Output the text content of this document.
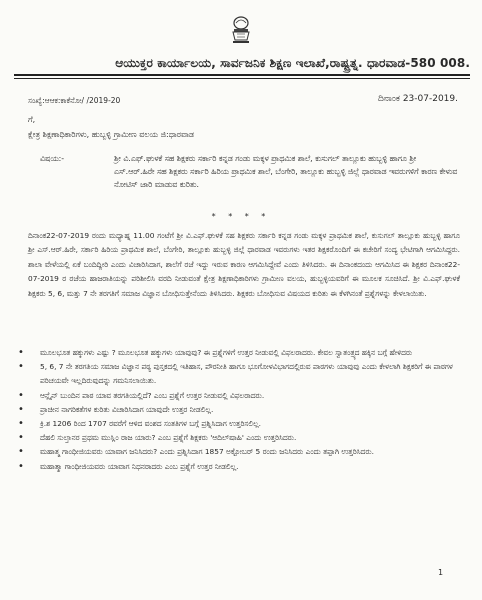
ಆಯುಕ್ತರ ಕಾರ್ಯಾಲಯ, ಸಾರ್ವಜನಿಕ ಶಿಕ್ಷಣ ಇಲಾಖೆ,ರಾಷ್ಟ್ರತ್ನ. ಧಾರವಾಡ-580 008.
ಸಂಖ್ಯೆ:ಆಆಕ:ಕಾಕೆನೋ/ /2019-20	ದಿನಾಂಕ 23-07-2019.
ಗೆ,
ಕ್ಷೇತ್ರ ಶಿಕ್ಷಣಾಧಿಕಾರಿಗಳು, ಹುಬ್ಬಳ್ಳಿ ಗ್ರಾಮೀಣ ವಲಯ ಜಿ:ಧಾರವಾಡ
ವಿಷಯ:-	ಶ್ರೀ ವಿ.ಎಫ್.ಘುಳಕೆ ಸಹ ಶಿಕ್ಷಕರು ಸರ್ಕಾರಿ ಕನ್ನಡ ಗಂಡು ಮಕ್ಕಳ ಪ್ರಾಥಮಿಕ ಶಾಲೆ, ಕುಸುಗಲ್ ತಾಲ್ಲೂಕು ಹುಬ್ಬಳ್ಳಿ ಹಾಗೂ ಶ್ರೀ ಎಸ್.ಆರ್.ಹಿರೇ ಸಹ ಶಿಕ್ಷಕರು ಸರ್ಕಾರಿ ಹಿರಿಯ ಪ್ರಾಥಮಿಕ ಶಾಲೆ, ಬೆಂಗೇರಿ, ತಾಲ್ಲೂಕು ಹುಬ್ಬಳ್ಳಿ ಜಿಲ್ಲೆ ಧಾರವಾಡ ಇವರುಗಳಿಗೆ ಕಾರಣ ಕೇಳುವ ನೋಟಿಸ್ ಜಾರಿ ಮಾಡುವ ಕುರಿತು.
* * * *
ದಿನಾಂಕ22-07-2019 ರಂದು ಮಧ್ಯಾಹ್ನ 11.00 ಗಂಟೆಗೆ ಶ್ರೀ ವಿ.ಎಫ್.ಘುಳಕೆ ಸಹ ಶಿಕ್ಷಕರು ಸರ್ಕಾರಿ ಕನ್ನಡ ಗಂಡು ಮಕ್ಕಳ ಪ್ರಾಥಮಿಕ ಶಾಲೆ, ಕುಸುಗಲ್ ತಾಲ್ಲೂಕು ಹುಬ್ಬಳ್ಳಿ ಹಾಗೂ ಶ್ರೀ ಎಸ್.ಆರ್.ಹಿರೇ, ಸರ್ಕಾರಿ ಹಿರಿಯ ಪ್ರಾಥಮಿಕ ಶಾಲೆ, ಬೆಂಗೇರಿ, ತಾಲ್ಲೂಕು ಹುಬ್ಬಳ್ಳಿ ಜಿಲ್ಲೆ ಧಾರವಾಡ ಇವರುಗಳು ಇತರ ಶಿಕ್ಷಕರೊಂದಿಗೆ ಈ ಕಚೇರಿಗೆ ಸಂದ್ಯ ಭೇಟಿಗಾಗಿ ಆಗಮಿಸಿದ್ದರು. ಶಾಲಾ ವೇಳೆಯಲ್ಲಿ ಏಕೆ ಬಂದಿದ್ದೀರಿ ಎಂದು ವಿಚಾರಿಸಿದಾಗ, ಶಾಲೆಗೆ ರಜೆ ಇದ್ದು ಇರುವ ಕಾರಣ ಆಗಮಿಸಿದ್ದೇವೆ ಎಂದು ತಿಳಿಸಿದರು. ಈ ದಿನಾಂಕದಂದು ಆಗಮಿಸಿದ ಈ ಶಿಕ್ಷಕರ ದಿನಾಂಕ22-07-2019 ರ ರಜೆಯ ಹಾಜರಾತಿಯನ್ನು ಪರಿಶೀಲಿಸಿ ವರದಿ ನೀಡುವಂತೆ ಕ್ಷೇತ್ರ ಶಿಕ್ಷಣಾಧಿಕಾರಿಗಳು ಗ್ರಾಮೀಣ ವಲಯ, ಹುಬ್ಬಳ್ಳಿಯವರಿಗೆ ಈ ಮೂಲಕ ಸೂಚಿಸಿದೆ. ಶ್ರೀ ವಿ.ಎಫ್.ಘುಳಕೆ ಶಿಕ್ಷಕರು 5, 6, ಮತ್ತು 7 ನೇ ತರಗತಿಗೆ ಸಮಾಜ ವಿಜ್ಞಾನ ಬೋಧಿಸುತ್ತೇನೆಂದು ತಿಳಿಸಿದರು. ಶಿಕ್ಷಕರು ಬೋಧಿಸುವ ವಿಷಯದ ಕುರಿತು ಈ ಕೆಳಗಿನಂತೆ ಪ್ರಶ್ನೆಗಳನ್ನು ಕೇಳಲಾಯಿತು.
• ಮೂಲಭೂತ ಹಕ್ಕುಗಳು ಎಷ್ಟು ? ಮೂಲಭೂತ ಹಕ್ಕುಗಳು ಯಾವುವು? ಈ ಪ್ರಶ್ನೆಗಳಿಗೆ ಉತ್ತರ ನೀಡುವಲ್ಲಿ ವಿಫಲರಾದರು. ಕೇವಲ ಸ್ವಾತಂತ್ರ್ಯದ ಹಕ್ಕಿನ ಬಗ್ಗೆ ಹೇಳಿದರು
• 5, 6, 7 ನೇ ತರಗತಿಯ ಸಮಾಜ ವಿಜ್ಞಾನ ಪಠ್ಯ ಪುಸ್ತಕದಲ್ಲಿ ಇತಿಹಾಸ, ಪೌರನೀತಿ ಹಾಗೂ ಭೂಗೋಳವಿಭಾಗದಲ್ಲಿರುವ ಪಾಠಗಳು ಯಾವುವು ಎಂದು ಕೇಳಲಾಗಿ ಶಿಕ್ಷಕರಿಗೆ ಈ ಪಾಠಗಳ ಪರಿಚಯವೇ ಇಲ್ಲದಿರುವುದನ್ನು ಗಮನಿಸಲಾಯಿತು.
• ಆನ್ಲೈನ್ ಬುಂದಿನ ಪಾಠ ಯಾವ ತರಗತಿಯಲ್ಲಿದೆ? ಎಂಬ ಪ್ರಶ್ನೆಗೆ ಉತ್ತರ ನೀಡುವಲ್ಲಿ ವಿಫಲರಾದರು.
• ಪ್ರಾಚೀನ ನಾಗರಿಕತೆಗಳ ಕುರಿತು ವಿಚಾರಿಸಿದಾಗ ಯಾವುದೇ ಉತ್ತರ ನೀಡಲಿಲ್ಲ.
• ಕ್ರಿ.ಶ 1206 ರಿಂದ 1707 ರವರೆಗೆ ಆಳಿದ ವಂಶದ ಸಂತತಿಗಳ ಬಗ್ಗೆ ಪ್ರಶ್ನಿಸಿದಾಗ ಉತ್ತರಿಸಲಿಲ್ಲ.
• ದೆಹಲಿ ಸುಲ್ತಾನರ ಪ್ರಥಮ ಮುಸ್ಲಿಂ ರಾಜ ಯಾರು? ಎಂಬ ಪ್ರಶ್ನೆಗೆ ಶಿಕ್ಷಕರು 'ಆದಿಲ್‌ಷಾಹಿ' ಎಂದು ಉತ್ತರಿಸಿದರು.
• ಮಹಾತ್ಮ ಗಾಂಧೀಜಿಯವರು ಯಾವಾಗ ಜನಿಸಿದರು? ಎಂದು ಪ್ರಶ್ನಿಸಿದಾಗ 1857 ಅಕ್ಟೋಬರ್ 5 ರಂದು ಜನಿಸಿದರು ಎಂದು ತಪ್ಪಾಗಿ ಉತ್ತರಿಸಿದರು.
• ಮಹಾತ್ಮಾ ಗಾಂಧೀಜಿಯವರು ಯಾವಾಗ ನಿಧನರಾದರು ಎಂಬ ಪ್ರಶ್ನೆಗೆ ಉತ್ತರ ನೀಡಲಿಲ್ಲ.
1
